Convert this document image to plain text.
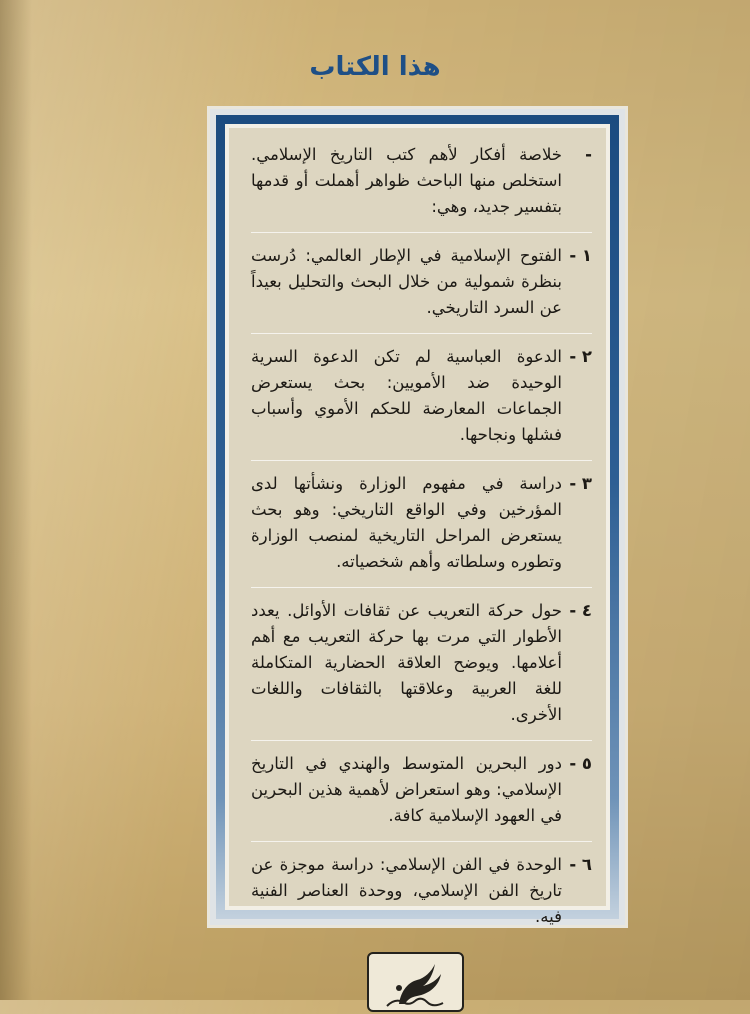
هذا الكتاب
-
خلاصة أفكار لأهم كتب التاريخ الإسلامي. استخلص منها الباحث ظواهر أهملت أو قدمها بتفسير جديد، وهي:
١ -
الفتوح الإسلامية في الإطار العالمي: دُرست بنظرة شمولية من خلال البحث والتحليل بعيداً عن السرد التاريخي.
٢ -
الدعوة العباسية لم تكن الدعوة السرية الوحيدة ضد الأمويين: بحث يستعرض الجماعات المعارضة للحكم الأموي وأسباب فشلها ونجاحها.
٣ -
دراسة في مفهوم الوزارة ونشأتها لدى المؤرخين وفي الواقع التاريخي: وهو بحث يستعرض المراحل التاريخية لمنصب الوزارة وتطوره وسلطاته وأهم شخصياته.
٤ -
حول حركة التعريب عن ثقافات الأوائل. يعدد الأطوار التي مرت بها حركة التعريب مع أهم أعلامها. ويوضح العلاقة الحضارية المتكاملة للغة العربية وعلاقتها بالثقافات واللغات الأخرى.
٥ -
دور البحرين المتوسط والهندي في التاريخ الإسلامي: وهو استعراض لأهمية هذين البحرين في العهود الإسلامية كافة.
٦ -
الوحدة في الفن الإسلامي: دراسة موجزة عن تاريخ الفن الإسلامي، ووحدة العناصر الفنية فيه.
